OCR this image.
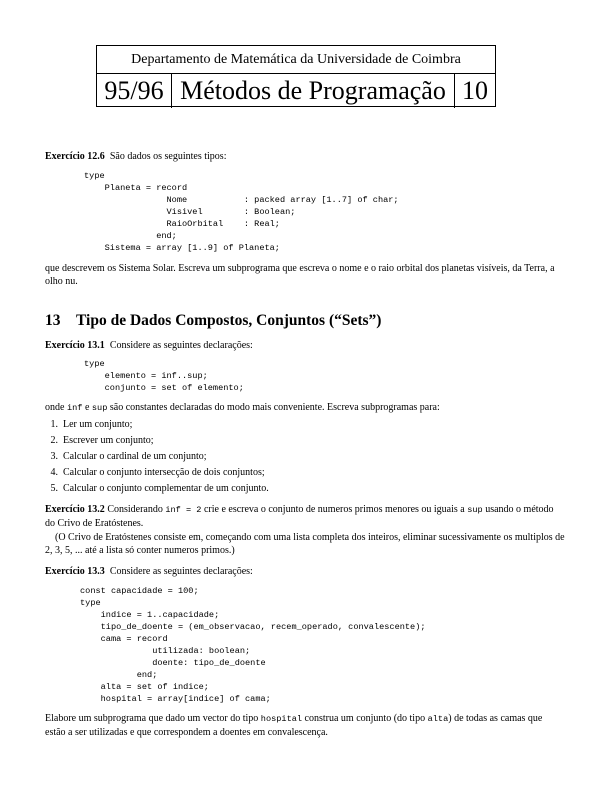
Departamento de Matemática da Universidade de Coimbra
95/96 Métodos de Programação 10
Exercício 12.6 São dados os seguintes tipos:
type
Planeta = record
Nome           : packed array [1..7] of char;
Visivel        : Boolean;
RaioOrbital    : Real;
end;
Sistema = array [1..9] of Planeta;
que descrevem os Sistema Solar. Escreva um subprograma que escreva o nome e o raio orbital dos planetas visíveis, da Terra, a olho nu.
13 Tipo de Dados Compostos, Conjuntos (“Sets”)
Exercício 13.1 Considere as seguintes declarações:
type
elemento = inf..sup;
conjunto = set of elemento;
onde inf e sup são constantes declaradas do modo mais conveniente. Escreva subprogramas para:
1. Ler um conjunto;
2. Escrever um conjunto;
3. Calcular o cardinal de um conjunto;
4. Calcular o conjunto intersecção de dois conjuntos;
5. Calcular o conjunto complementar de um conjunto.
Exercício 13.2 Considerando inf = 2 crie e escreva o conjunto de numeros primos menores ou iguais a sup usando o método do Crivo de Eratóstenes.
(O Crivo de Eratóstenes consiste em, começando com uma lista completa dos inteiros, eliminar sucessivamente os multiplos de 2, 3, 5, ... até a lista só conter numeros primos.)
Exercício 13.3 Considere as seguintes declarações:
const capacidade = 100;
type
indice = 1..capacidade;
tipo_de_doente = (em_observacao, recem_operado, convalescente);
cama = record
utilizada: boolean;
doente: tipo_de_doente
end;
alta = set of indice;
hospital = array[indice] of cama;
Elabore um subprograma que dado um vector do tipo hospital construa um conjunto (do tipo alta) de todas as camas que estão a ser utilizadas e que correspondem a doentes em convalescença.
